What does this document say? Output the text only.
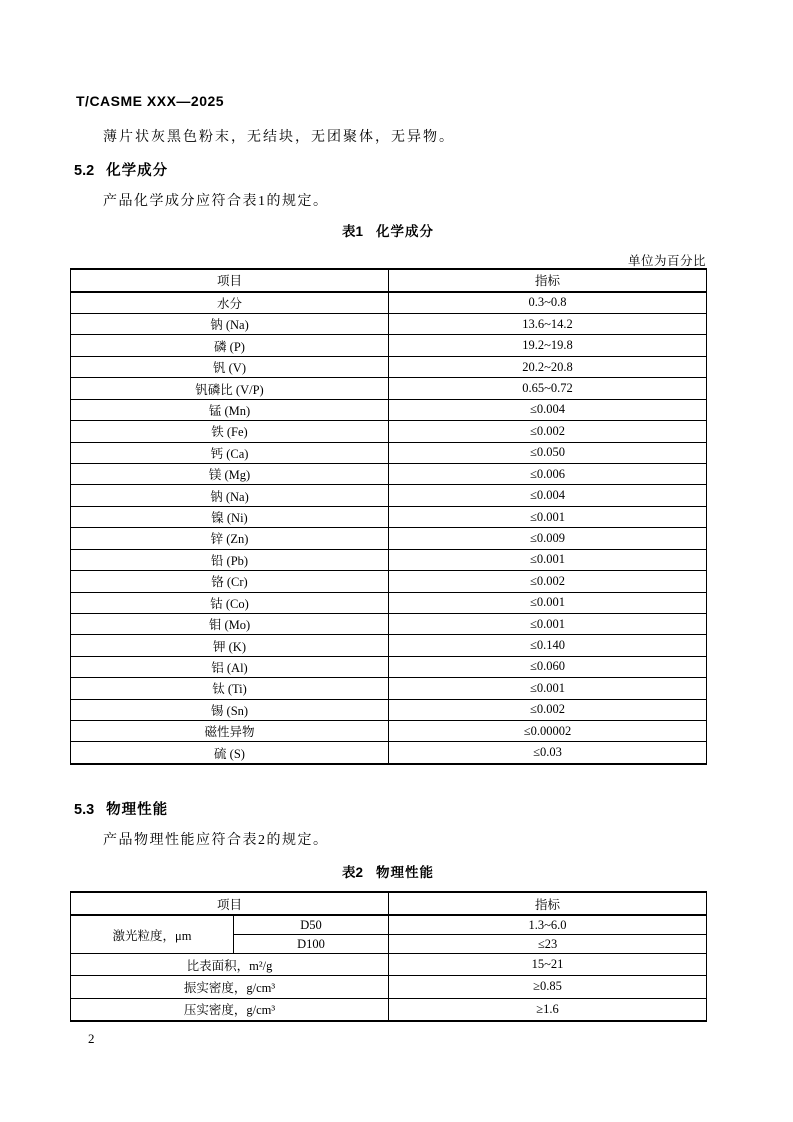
T/CASME XXX—2025
薄片状灰黑色粉末，无结块，无团聚体，无异物。
5.2 化学成分
产品化学成分应符合表1的规定。
表1 化学成分
单位为百分比
项目	指标
水分	0.3~0.8
钠 (Na)	13.6~14.2
磷 (P)	19.2~19.8
钒 (V)	20.2~20.8
钒磷比 (V/P)	0.65~0.72
锰 (Mn)	≤0.004
铁 (Fe)	≤0.002
钙 (Ca)	≤0.050
镁 (Mg)	≤0.006
钠 (Na)	≤0.004
镍 (Ni)	≤0.001
锌 (Zn)	≤0.009
铅 (Pb)	≤0.001
铬 (Cr)	≤0.002
钴 (Co)	≤0.001
钼 (Mo)	≤0.001
钾 (K)	≤0.140
铝 (Al)	≤0.060
钛 (Ti)	≤0.001
锡 (Sn)	≤0.002
磁性异物	≤0.00002
硫 (S)	≤0.03
5.3 物理性能
产品物理性能应符合表2的规定。
表2 物理性能
项目		指标
激光粒度，μm	D50	1.3~6.0
	D100	≤23
比表面积，m²/g		15~21
振实密度，g/cm³		≥0.85
压实密度，g/cm³		≥1.6
2
